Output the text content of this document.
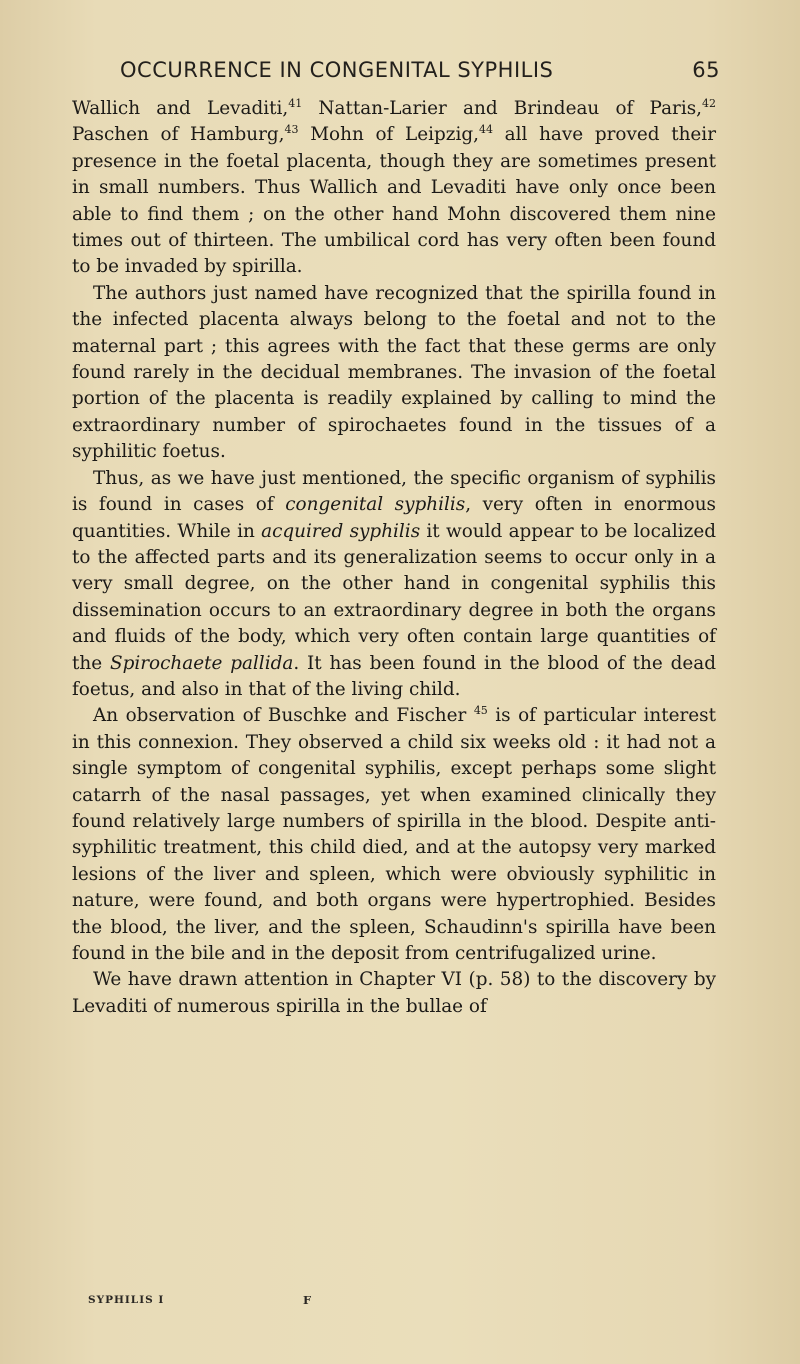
OCCURRENCE IN CONGENITAL SYPHILIS	65

Wallich and Levaditi,$^{41}$ Nattan-Larier and Brindeau of Paris,$^{42}$ Paschen of Hamburg,$^{43}$ Mohn of Leipzig,$^{44}$ all have proved their presence in the foetal placenta, though they are sometimes present in small numbers. Thus Wallich and Levaditi have only once been able to find them ; on the other hand Mohn discovered them nine times out of thirteen. The umbilical cord has very often been found to be invaded by spirilla.

The authors just named have recognized that the spirilla found in the infected placenta always belong to the foetal and not to the maternal part ; this agrees with the fact that these germs are only found rarely in the decidual membranes. The invasion of the foetal portion of the placenta is readily explained by calling to mind the extraordinary number of spirochaetes found in the tissues of a syphilitic foetus.

Thus, as we have just mentioned, the specific organism of syphilis is found in cases of congenital syphilis, very often in enormous quantities. While in acquired syphilis it would appear to be localized to the affected parts and its generalization seems to occur only in a very small degree, on the other hand in congenital syphilis this dissemination occurs to an extraordinary degree in both the organs and fluids of the body, which very often contain large quantities of the Spirochaete pallida. It has been found in the blood of the dead foetus, and also in that of the living child.

An observation of Buschke and Fischer $^{45}$ is of particular interest in this connexion. They observed a child six weeks old : it had not a single symptom of congenital syphilis, except perhaps some slight catarrh of the nasal passages, yet when examined clinically they found relatively large numbers of spirilla in the blood. Despite anti-syphilitic treatment, this child died, and at the autopsy very marked lesions of the liver and spleen, which were obviously syphilitic in nature, were found, and both organs were hypertrophied. Besides the blood, the liver, and the spleen, Schaudinn's spirilla have been found in the bile and in the deposit from centrifugalized urine.

We have drawn attention in Chapter VI (p. 58) to the discovery by Levaditi of numerous spirilla in the bullae of

SYPHILIS I	F
